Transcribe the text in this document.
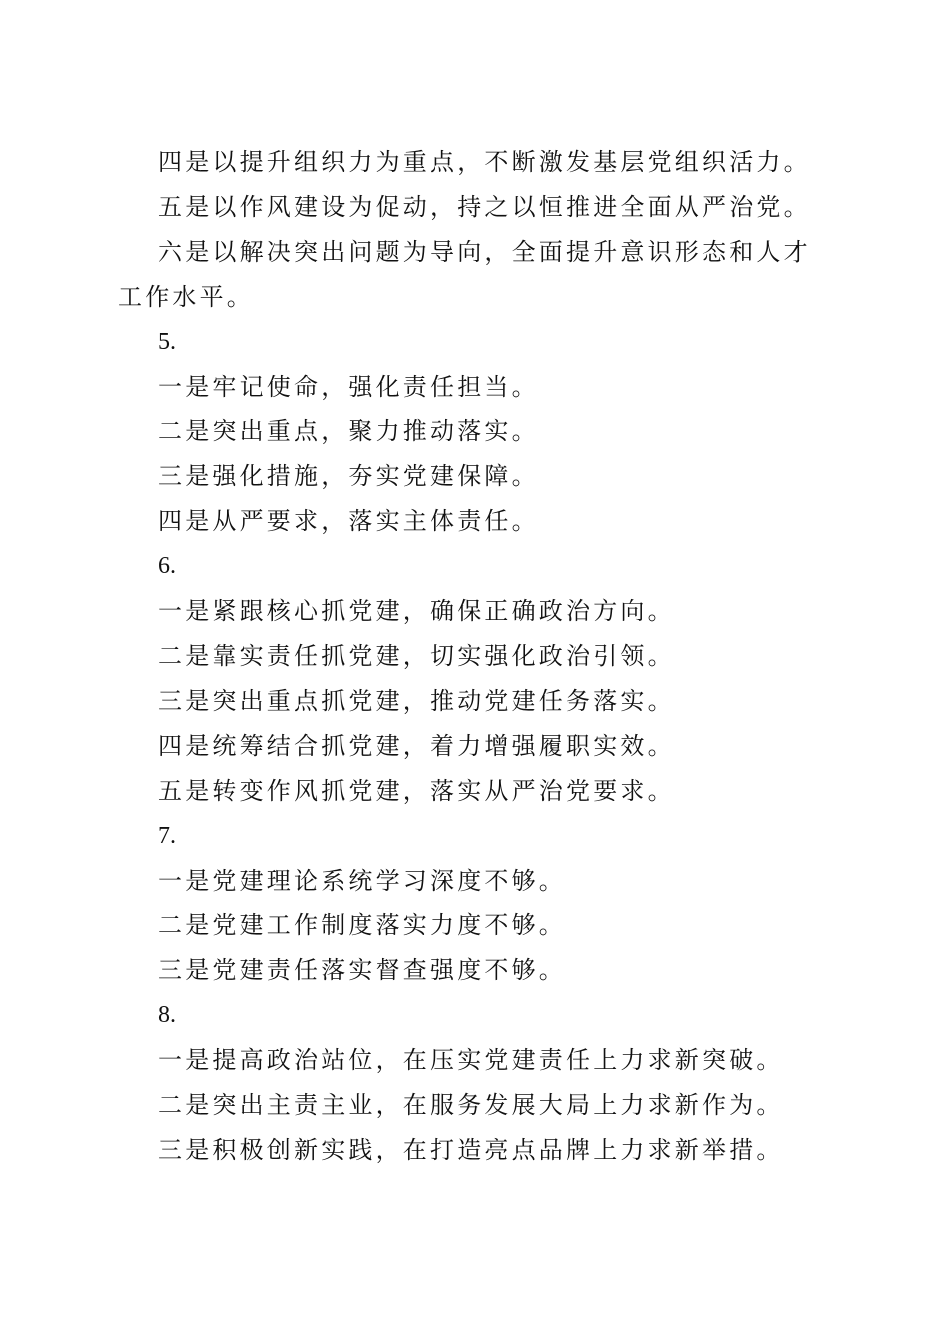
四是以提升组织力为重点，不断激发基层党组织活力。
五是以作风建设为促动，持之以恒推进全面从严治党。
六是以解决突出问题为导向，全面提升意识形态和人才工作水平。
5.
一是牢记使命，强化责任担当。
二是突出重点，聚力推动落实。
三是强化措施，夯实党建保障。
四是从严要求，落实主体责任。
6.
一是紧跟核心抓党建，确保正确政治方向。
二是靠实责任抓党建，切实强化政治引领。
三是突出重点抓党建，推动党建任务落实。
四是统筹结合抓党建，着力增强履职实效。
五是转变作风抓党建，落实从严治党要求。
7.
一是党建理论系统学习深度不够。
二是党建工作制度落实力度不够。
三是党建责任落实督查强度不够。
8.
一是提高政治站位，在压实党建责任上力求新突破。
二是突出主责主业，在服务发展大局上力求新作为。
三是积极创新实践，在打造亮点品牌上力求新举措。
